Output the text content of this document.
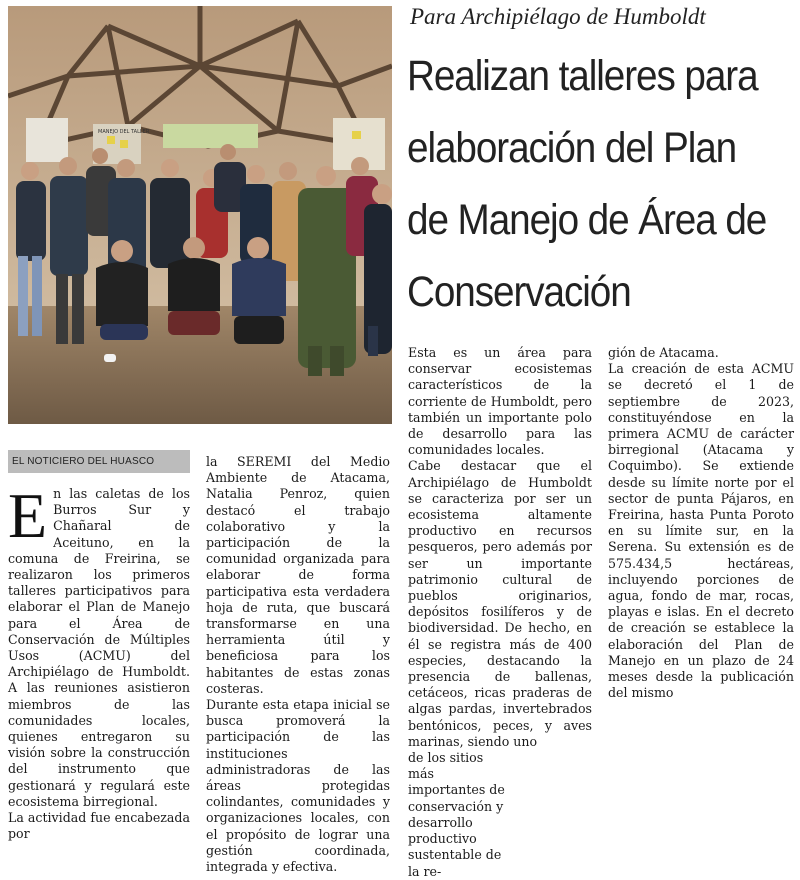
MANEJO DEL TALLER
Para Archipiélago de Humboldt
Realizan talleres para
elaboración del Plan
de Manejo de Área de
Conservación
EL NOTICIERO DEL HUASCO

En las caletas de los Burros Sur y Chañaral de Aceituno, en la comuna de Freirina, se realizaron los primeros talleres participativos para elaborar el Plan de Manejo para el Área de Conservación de Múltiples Usos (ACMU) del Archipiélago de Humboldt. A las reuniones asistieron miembros de las comunidades locales, quienes entregaron su visión sobre la construcción del instrumento que gestionará y regulará este ecosistema birregional.

La actividad fue encabezada por

la SEREMI del Medio Ambiente de Atacama, Natalia Penroz, quien destacó el trabajo colaborativo y la participación de la comunidad organizada para elaborar de forma participativa esta verdadera hoja de ruta, que buscará transformarse en una herramienta útil y beneficiosa para los habitantes de estas zonas costeras.

Durante esta etapa inicial se busca promoverá la participación de las instituciones administradoras de las áreas protegidas colindantes, comunidades y organizaciones locales, con el propósito de lograr una gestión coordinada, integrada y efectiva.

Esta es un área para conservar ecosistemas característicos de la corriente de Humboldt, pero también un importante polo de desarrollo para las comunidades locales.

Cabe destacar que el Archipiélago de Humboldt se caracteriza por ser un ecosistema altamente productivo en recursos pesqueros, pero además por ser un importante patrimonio cultural de pueblos originarios, depósitos fosilíferos y de biodiversidad. De hecho, en él se registra más de 400 especies, destacando la presencia de ballenas, cetáceos, ricas praderas de algas pardas, invertebrados bentónicos, peces, y aves marinas, siendo uno

de los sitios más importantes de conservación y desarrollo productivo sustentable de la re-

gión de Atacama.

La creación de esta ACMU se decretó el 1 de septiembre de 2023, constituyéndose en la primera ACMU de carácter birregional (Atacama y Coquimbo). Se extiende desde su límite norte por el sector de punta Pájaros, en Freirina, hasta Punta Poroto en su límite sur, en la Serena. Su extensión es de 575.434,5 hectáreas, incluyendo porciones de agua, fondo de mar, rocas, playas e islas. En el decreto de creación se establece la elaboración del Plan de Manejo en un plazo de 24 meses desde la publicación del mismo
